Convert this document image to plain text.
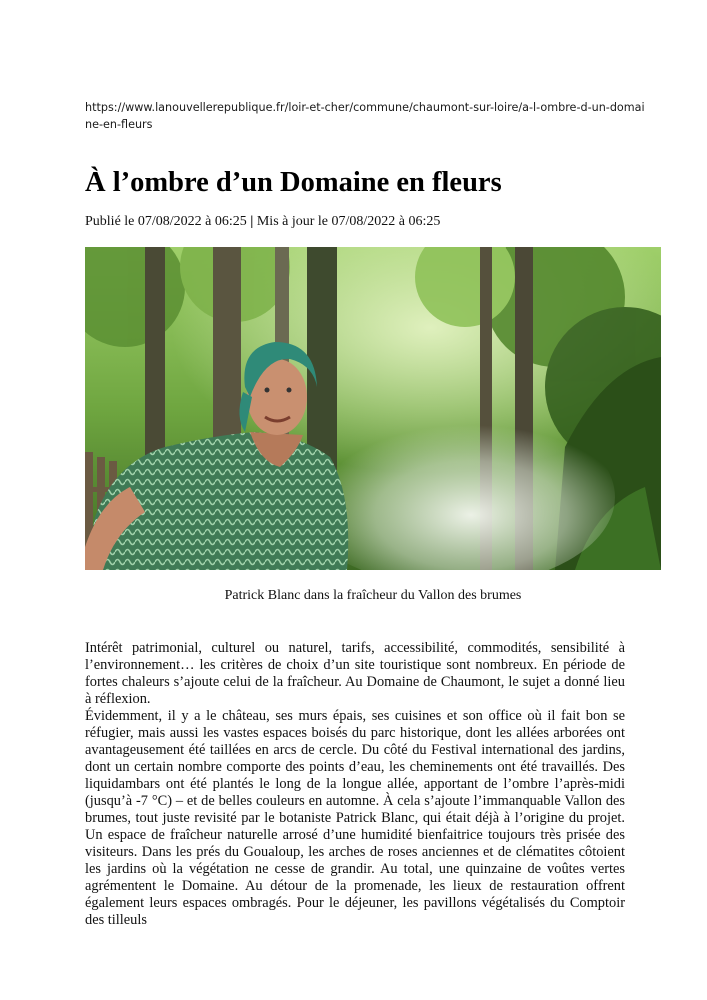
https://www.lanouvellerepublique.fr/loir-et-cher/commune/chaumont-sur-loire/a-l-ombre-d-un-domaine-en-fleurs
À l’ombre d’un Domaine en fleurs
Publié le 07/08/2022 à 06:25 | Mis à jour le 07/08/2022 à 06:25
Patrick Blanc dans la fraîcheur du Vallon des brumes

Intérêt patrimonial, culturel ou naturel, tarifs, accessibilité, commodités, sensibilité à l’environnement… les critères de choix d’un site touristique sont nombreux. En période de fortes chaleurs s’ajoute celui de la fraîcheur. Au Domaine de Chaumont, le sujet a donné lieu à réflexion.

Évidemment, il y a le château, ses murs épais, ses cuisines et son office où il fait bon se réfugier, mais aussi les vastes espaces boisés du parc historique, dont les allées arborées ont avantageusement été taillées en arcs de cercle. Du côté du Festival international des jardins, dont un certain nombre comporte des points d’eau, les cheminements ont été travaillés. Des liquidambars ont été plantés le long de la longue allée, apportant de l’ombre l’après-midi (jusqu’à -7 °C) – et de belles couleurs en automne. À cela s’ajoute l’immanquable Vallon des brumes, tout juste revisité par le botaniste Patrick Blanc, qui était déjà à l’origine du projet. Un espace de fraîcheur naturelle arrosé d’une humidité bienfaitrice toujours très prisée des visiteurs. Dans les prés du Goualoup, les arches de roses anciennes et de clématites côtoient les jardins où la végétation ne cesse de grandir. Au total, une quinzaine de voûtes vertes agrémentent le Domaine. Au détour de la promenade, les lieux de restauration offrent également leurs espaces ombragés. Pour le déjeuner, les pavillons végétalisés du Comptoir des tilleuls
